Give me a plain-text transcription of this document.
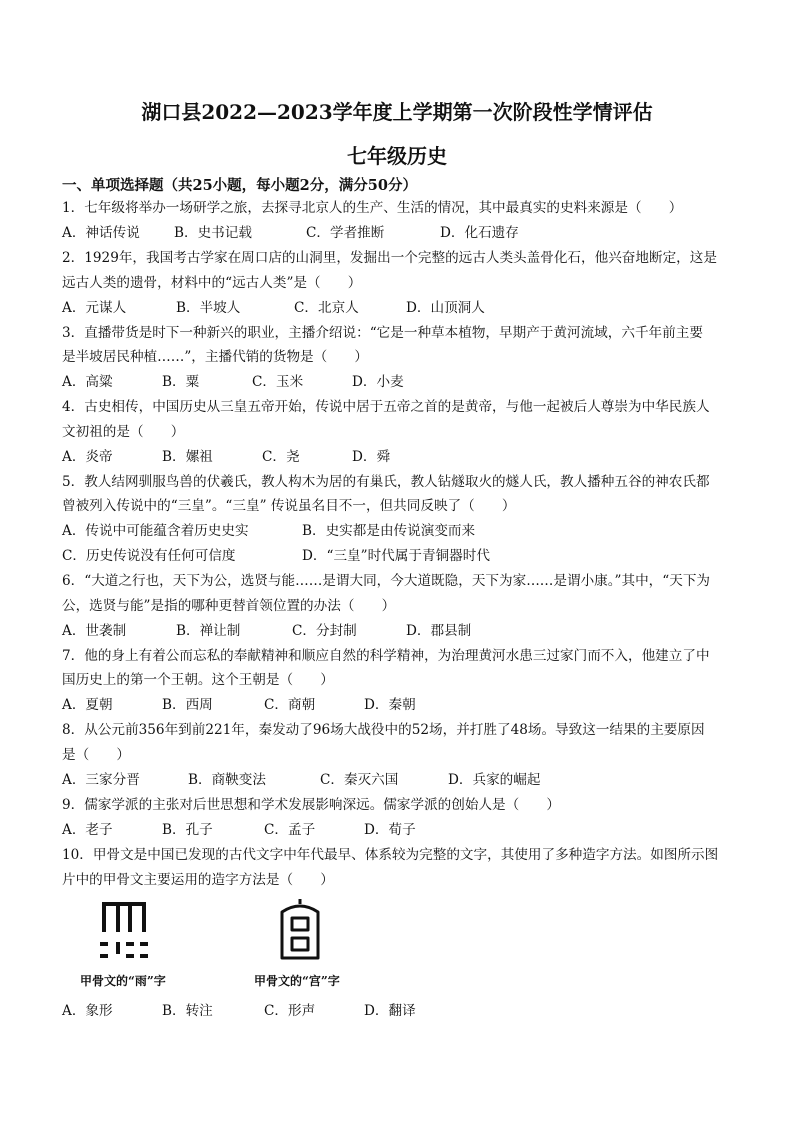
湖口县2022—2023学年度上学期第一次阶段性学情评估
七年级历史
一、单项选择题（共25小题，每小题2分，满分50分）
1．七年级将举办一场研学之旅，去探寻北京人的生产、生活的情况，其中最真实的史料来源是（　　）
A．神话传说	B．史书记载	C．学者推断	D．化石遗存
2．1929年，我国考古学家在周口店的山洞里，发掘出一个完整的远古人类头盖骨化石，他兴奋地断定，这是
远古人类的遗骨，材料中的“远古人类”是（　　）
A．元谋人	B．半坡人	C．北京人	D．山顶洞人
3．直播带货是时下一种新兴的职业，主播介绍说：“它是一种草本植物，早期产于黄河流域，六千年前主要
是半坡居民种植……”，主播代销的货物是（　　）
A．高粱	B．粟	C．玉米	D．小麦
4．古史相传，中国历史从三皇五帝开始，传说中居于五帝之首的是黄帝，与他一起被后人尊崇为中华民族人
文初祖的是（　　）
A．炎帝	B．嫘祖	C．尧	D．舜
5．教人结网驯服鸟兽的伏羲氏，教人构木为居的有巢氏，教人钻燧取火的燧人氏，教人播种五谷的神农氏都
曾被列入传说中的“三皇”。“三皇” 传说虽名目不一，但共同反映了（　　）
A．传说中可能蕴含着历史史实	B．史实都是由传说演变而来
C．历史传说没有任何可信度	D．“三皇”时代属于青铜器时代
6．“大道之行也，天下为公，选贤与能……是谓大同，今大道既隐，天下为家……是谓小康。”其中，“天下为
公，选贤与能”是指的哪种更替首领位置的办法（　　）
A．世袭制	B．禅让制	C．分封制	D．郡县制
7．他的身上有着公而忘私的奉献精神和顺应自然的科学精神，为治理黄河水患三过家门而不入，他建立了中
国历史上的第一个王朝。这个王朝是（　　）
A．夏朝	B．西周	C．商朝	D．秦朝
8．从公元前356年到前221年，秦发动了96场大战役中的52场，并打胜了48场。导致这一结果的主要原因
是（　　）
A．三家分晋	B．商鞅变法	C．秦灭六国	D．兵家的崛起
9．儒家学派的主张对后世思想和学术发展影响深远。儒家学派的创始人是（　　）
A．老子	B．孔子	C．孟子	D．荀子
10．甲骨文是中国已发现的古代文字中年代最早、体系较为完整的文字，其使用了多种造字方法。如图所示图
片中的甲骨文主要运用的造字方法是（　　）
甲骨文的“雨”字	甲骨文的“宫”字
A．象形	B．转注	C．形声	D．翻译
